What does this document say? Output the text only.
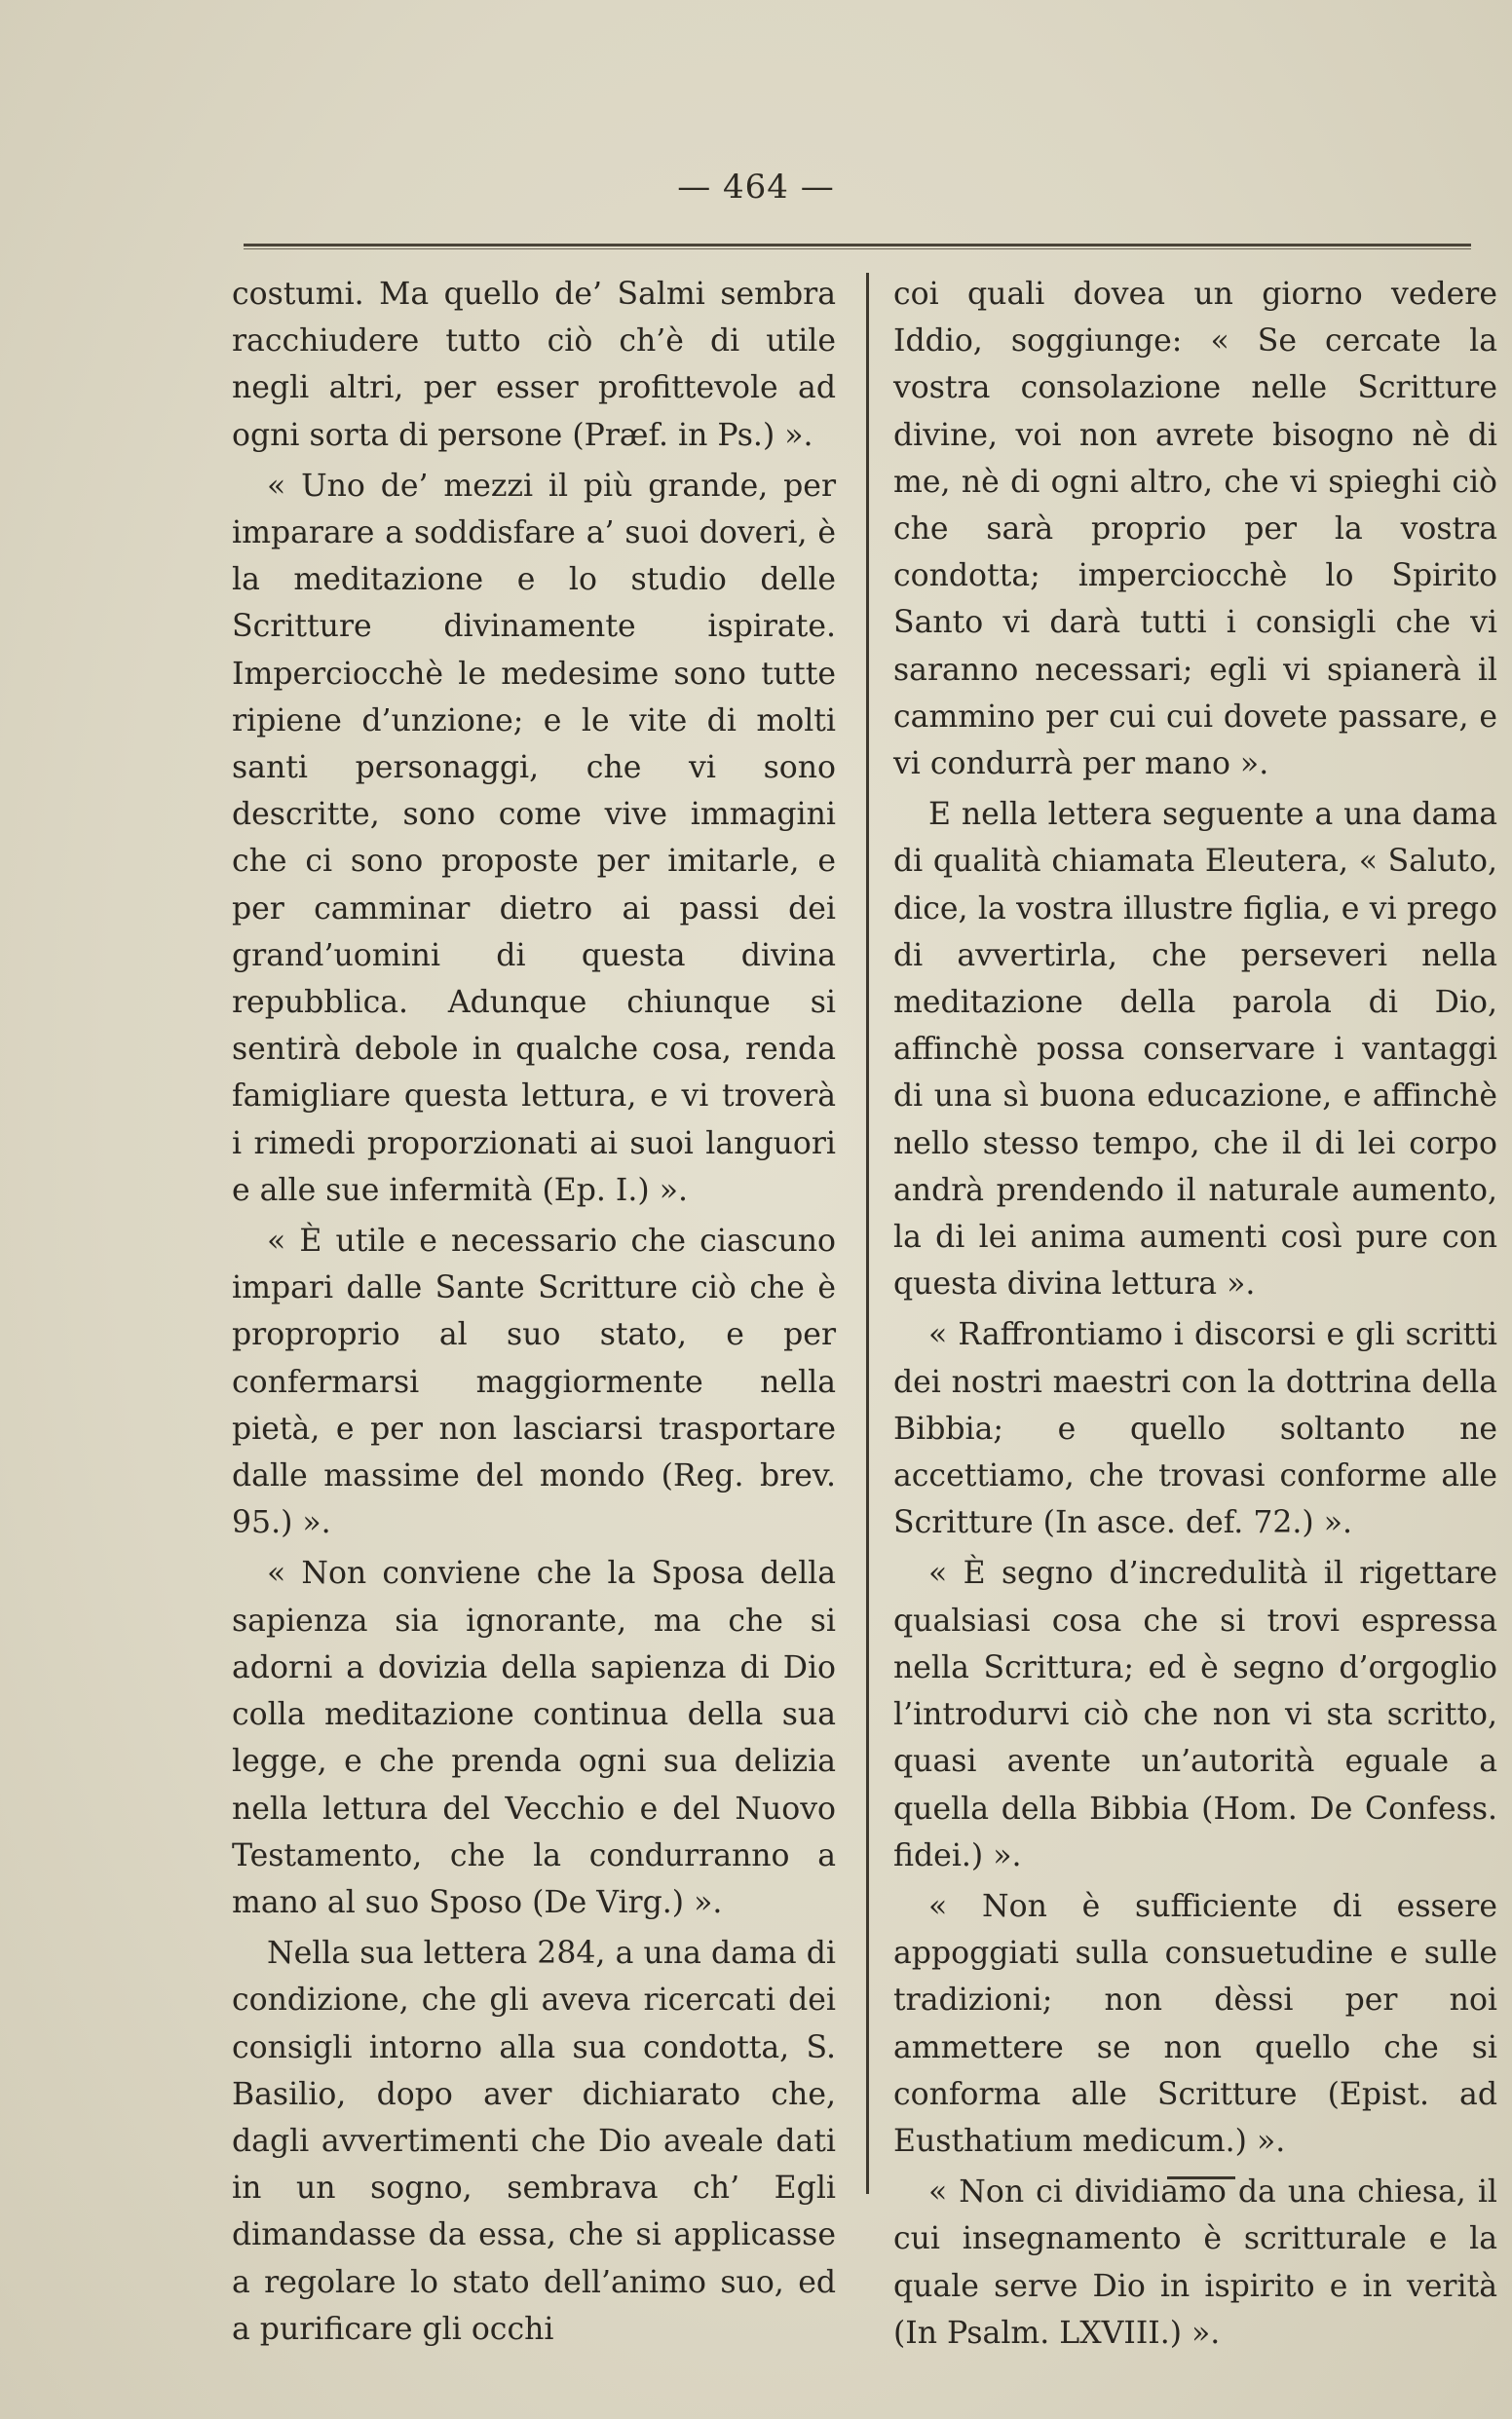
— 464 —

costumi. Ma quello de’ Salmi sembra racchiudere tutto ciò ch’è di utile negli altri, per esser profittevole ad ogni sorta di persone (Præf. in Ps.) ».

« Uno de’ mezzi il più grande, per imparare a soddisfare a’ suoi doveri, è la meditazione e lo studio delle Scritture divinamente ispirate. Imperciocchè le medesime sono tutte ripiene d’unzione; e le vite di molti santi personaggi, che vi sono descritte, sono come vive immagini che ci sono proposte per imitarle, e per camminar dietro ai passi dei grand’uomini di questa divina repubblica. Adunque chiunque si sentirà debole in qualche cosa, renda famigliare questa lettura, e vi troverà i rimedi proporzionati ai suoi languori e alle sue infermità (Ep. I.) ».

« È utile e necessario che ciascuno impari dalle Sante Scritture ciò che è proproprio al suo stato, e per confermarsi maggiormente nella pietà, e per non lasciarsi trasportare dalle massime del mondo (Reg. brev. 95.) ».

« Non conviene che la Sposa della sapienza sia ignorante, ma che si adorni a dovizia della sapienza di Dio colla meditazione continua della sua legge, e che prenda ogni sua delizia nella lettura del Vecchio e del Nuovo Testamento, che la condurranno a mano al suo Sposo (De Virg.) ».

Nella sua lettera 284, a una dama di condizione, che gli aveva ricercati dei consigli intorno alla sua condotta, S. Basilio, dopo aver dichiarato che, dagli avvertimenti che Dio aveale dati in un sogno, sembrava ch’ Egli dimandasse da essa, che si applicasse a regolare lo stato dell’animo suo, ed a purificare gli occhi

coi quali dovea un giorno vedere Iddio, soggiunge: « Se cercate la vostra consolazione nelle Scritture divine, voi non avrete bisogno nè di me, nè di ogni altro, che vi spieghi ciò che sarà proprio per la vostra condotta; imperciocchè lo Spirito Santo vi darà tutti i consigli che vi saranno necessari; egli vi spianerà il cammino per cui cui dovete passare, e vi condurrà per mano ».

E nella lettera seguente a una dama di qualità chiamata Eleutera, « Saluto, dice, la vostra illustre figlia, e vi prego di avvertirla, che perseveri nella meditazione della parola di Dio, affinchè possa conservare i vantaggi di una sì buona educazione, e affinchè nello stesso tempo, che il di lei corpo andrà prendendo il naturale aumento, la di lei anima aumenti così pure con questa divina lettura ».

« Raffrontiamo i discorsi e gli scritti dei nostri maestri con la dottrina della Bibbia; e quello soltanto ne accettiamo, che trovasi conforme alle Scritture (In asce. def. 72.) ».

« È segno d’incredulità il rigettare qualsiasi cosa che si trovi espressa nella Scrittura; ed è segno d’orgoglio l’introdurvi ciò che non vi sta scritto, quasi avente un’autorità eguale a quella della Bibbia (Hom. De Confess. fidei.) ».

« Non è sufficiente di essere appoggiati sulla consuetudine e sulle tradizioni; non dèssi per noi ammettere se non quello che si conforma alle Scritture (Epist. ad Eusthatium medicum.) ».

« Non ci dividiamo da una chiesa, il cui insegnamento è scritturale e la quale serve Dio in ispirito e in verità (In Psalm. LXVIII.) ».
